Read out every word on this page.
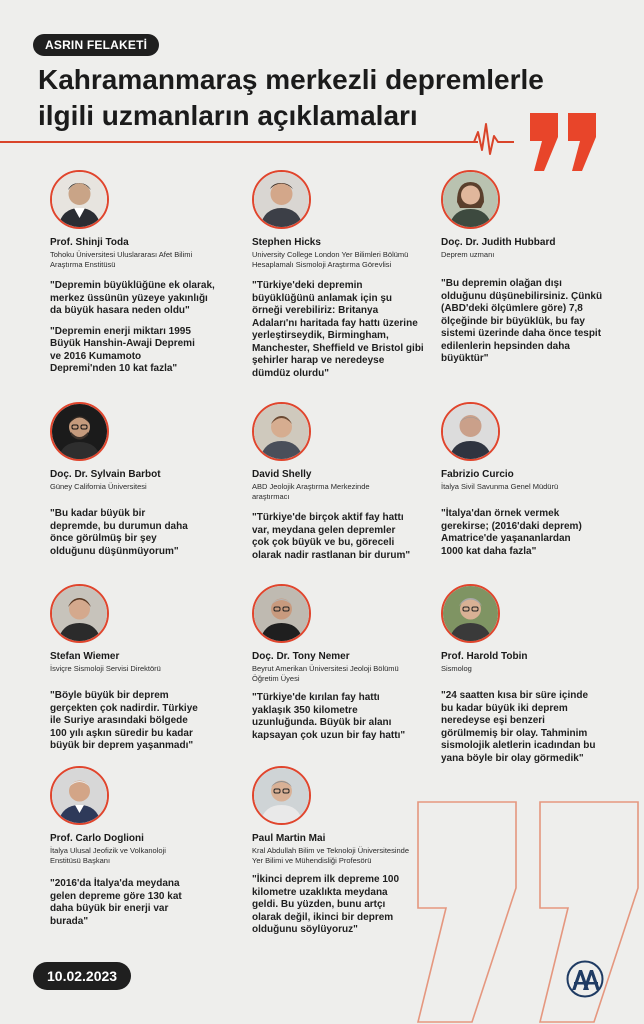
ASRIN FELAKETİ
Kahramanmaraş merkezli depremlerle ilgili uzmanların açıklamaları
Prof. Shinji Toda
Tohoku Üniversitesi Uluslararası Afet Bilimi Araştırma Enstitüsü

"Depremin büyüklüğüne ek olarak, merkez üssünün yüzeye yakınlığı da büyük hasara neden oldu"

"Depremin enerji miktarı 1995 Büyük Hanshin-Awaji Depremi ve 2016 Kumamoto Depremi'nden 10 kat fazla"

Stephen Hicks
University College London Yer Bilimleri Bölümü Hesaplamalı Sismoloji Araştırma Görevlisi

"Türkiye'deki depremin büyüklüğünü anlamak için şu örneği verebiliriz: Britanya Adaları'nı haritada fay hattı üzerine yerleştirseydik, Birmingham, Manchester, Sheffield ve Bristol gibi şehirler harap ve neredeyse dümdüz olurdu"

Doç. Dr. Judith Hubbard
Deprem uzmanı

"Bu depremin olağan dışı olduğunu düşünebilirsiniz. Çünkü (ABD'deki ölçümlere göre) 7,8 ölçeğinde bir büyüklük, bu fay sistemi üzerinde daha önce tespit edilenlerin hepsinden daha büyüktür"

Doç. Dr. Sylvain Barbot
Güney California Üniversitesi

"Bu kadar büyük bir depremde, bu durumun daha önce görülmüş bir şey olduğunu düşünmüyorum"

David Shelly
ABD Jeolojik Araştırma Merkezinde araştırmacı

"Türkiye'de birçok aktif fay hattı var, meydana gelen depremler çok çok büyük ve bu, göreceli olarak nadir rastlanan bir durum"

Fabrizio Curcio
İtalya Sivil Savunma Genel Müdürü

"İtalya'dan örnek vermek gerekirse; (2016'daki deprem) Amatrice'de yaşananlardan 1000 kat daha fazla"

Stefan Wiemer
İsviçre Sismoloji Servisi Direktörü

"Böyle büyük bir deprem gerçekten çok nadirdir. Türkiye ile Suriye arasındaki bölgede 100 yılı aşkın süredir bu kadar büyük bir deprem yaşanmadı"

Doç. Dr. Tony Nemer
Beyrut Amerikan Üniversitesi Jeoloji Bölümü Öğretim Üyesi

"Türkiye'de kırılan fay hattı yaklaşık 350 kilometre uzunluğunda. Büyük bir alanı kapsayan çok uzun bir fay hattı"

Prof. Harold Tobin
Sismolog

"24 saatten kısa bir süre içinde bu kadar büyük iki deprem neredeyse eşi benzeri görülmemiş bir olay. Tahminim sismolojik aletlerin icadından bu yana böyle bir olay görmedik"

Prof. Carlo Doglioni
İtalya Ulusal Jeofizik ve Volkanoloji Enstitüsü Başkanı

"2016'da İtalya'da meydana gelen depreme göre 130 kat daha büyük bir enerji var burada"

Paul Martin Mai
Kral Abdullah Bilim ve Teknoloji Üniversitesinde Yer Bilimi ve Mühendisliği Profesörü

"İkinci deprem ilk depreme 100 kilometre uzaklıkta meydana geldi. Bu yüzden, bunu artçı olarak değil, ikinci bir deprem olduğunu söylüyoruz"

10.02.2023
